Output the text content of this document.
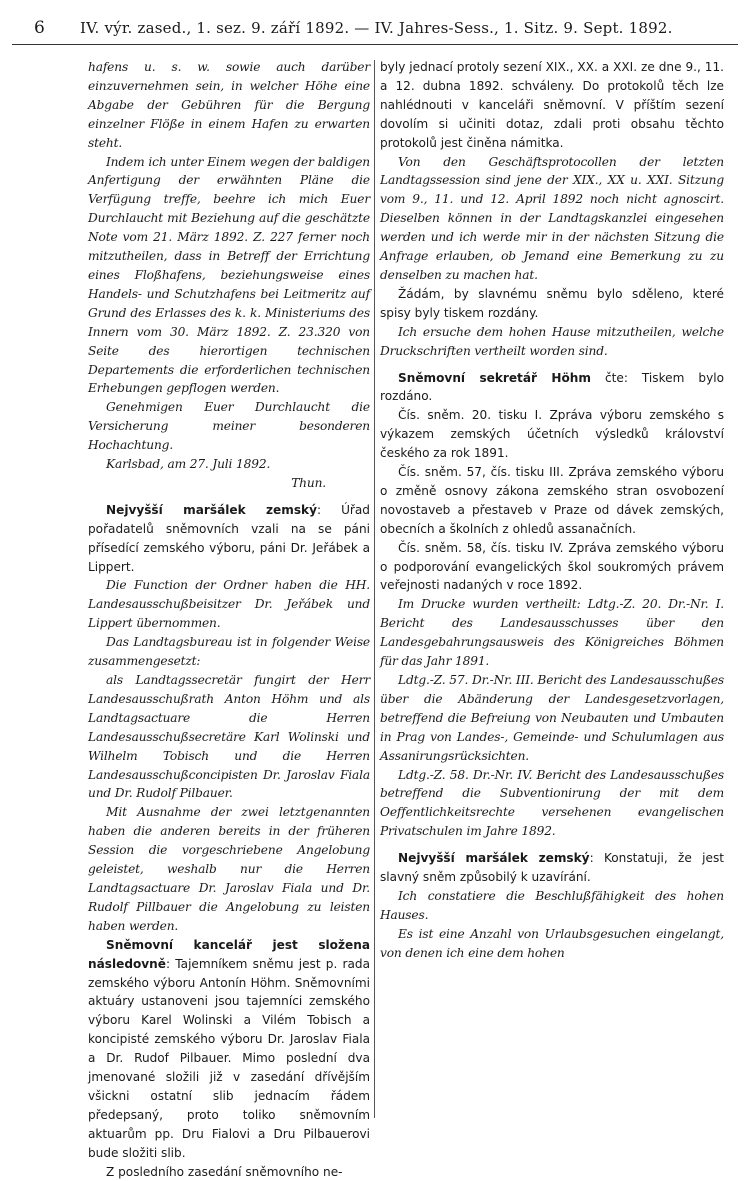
6 IV. výr. zased., 1. sez. 9. září 1892. — IV. Jahres-Sess., 1. Sitz. 9. Sept. 1892.

hafens u. s. w. sowie auch darüber einzuvernehmen sein, in welcher Höhe eine Abgabe der Gebühren für die Bergung einzelner Flöße in einem Hafen zu erwarten steht.

Indem ich unter Einem wegen der baldigen Anfertigung der erwähnten Pläne die Verfügung treffe, beehre ich mich Euer Durchlaucht mit Beziehung auf die geschätzte Note vom 21. März 1892. Z. 227 ferner noch mitzutheilen, dass in Betreff der Errichtung eines Floßhafens, beziehungsweise eines Handels- und Schutzhafens bei Leitmeritz auf Grund des Erlasses des k. k. Ministeriums des Innern vom 30. März 1892. Z. 23.320 von Seite des hierortigen technischen Departements die erforderlichen technischen Erhebungen gepflogen werden.

Genehmigen Euer Durchlaucht die Versicherung meiner besonderen Hochachtung.

Karlsbad, am 27. Juli 1892.

Thun.

Nejvyšší maršálek zemský: Úřad pořadatelů sněmovních vzali na se páni přísedící zemského výboru, páni Dr. Jeřábek a Lippert.

Die Function der Ordner haben die HH. Landesausschußbeisitzer Dr. Jeřábek und Lippert übernommen.

Das Landtagsbureau ist in folgender Weise zusammengesetzt:

als Landtagssecretär fungirt der Herr Landesausschußrath Anton Höhm und als Landtagsactuare die Herren Landesausschußsecretäre Karl Wolinski und Wilhelm Tobisch und die Herren Landesausschußconcipisten Dr. Jaroslav Fiala und Dr. Rudolf Pilbauer.

Mit Ausnahme der zwei letztgenannten haben die anderen bereits in der früheren Session die vorgeschriebene Angelobung geleistet, weshalb nur die Herren Landtagsactuare Dr. Jaroslav Fiala und Dr. Rudolf Pillbauer die Angelobung zu leisten haben werden.

Sněmovní kancelář jest složena následovně: Tajemníkem sněmu jest p. rada zemského výboru Antonín Höhm. Sněmovními aktuáry ustanoveni jsou tajemníci zemského výboru Karel Wolinski a Vilém Tobisch a koncipisté zemského výboru Dr. Jaroslav Fiala a Dr. Rudof Pilbauer. Mimo poslední dva jmenované složili již v zasedání dřívějším všickni ostatní slib jednacím řádem předepsaný, proto toliko sněmovním aktuarům pp. Dru Fialovi a Dru Pilbauerovi bude složiti slib.

Z posledního zasedání sněmovního ne-

byly jednací protoly sezení XIX., XX. a XXI. ze dne 9., 11. a 12. dubna 1892. schváleny. Do protokolů těch lze nahlédnouti v kanceláři sněmovní. V příštím sezení dovolím si učiniti dotaz, zdali proti obsahu těchto protokolů jest činěna námitka.

Von den Geschäftsprotocollen der letzten Landtagssession sind jene der XIX., XX u. XXI. Sitzung vom 9., 11. und 12. April 1892 noch nicht agnoscirt. Dieselben können in der Landtagskanzlei eingesehen werden und ich werde mir in der nächsten Sitzung die Anfrage erlauben, ob Jemand eine Bemerkung zu zu denselben zu machen hat.

Žádám, by slavnému sněmu bylo sděleno, které spisy byly tiskem rozdány.

Ich ersuche dem hohen Hause mitzutheilen, welche Druckschriften vertheilt worden sind.

Sněmovní sekretář Höhm čte: Tiskem bylo rozdáno.

Čís. sněm. 20. tisku I. Zpráva výboru zemského s výkazem zemských účetních výsledků království českého za rok 1891.

Čís. sněm. 57, čís. tisku III. Zpráva zemského výboru o změně osnovy zákona zemského stran osvobození novostaveb a přestaveb v Praze od dávek zemských, obecních a školních z ohledů assanačních.

Čís. sněm. 58, čís. tisku IV. Zpráva zemského výboru o podporování evangelických škol soukromých právem veřejnosti nadaných v roce 1892.

Im Drucke wurden vertheilt: Ldtg.-Z. 20. Dr.-Nr. I. Bericht des Landesausschusses über den Landesgebahrungsausweis des Königreiches Böhmen für das Jahr 1891.

Ldtg.-Z. 57. Dr.-Nr. III. Bericht des Landesausschußes über die Abänderung der Landesgesetzvorlagen, betreffend die Befreiung von Neubauten und Umbauten in Prag von Landes-, Gemeinde- und Schulumlagen aus Assanirungsrücksichten.

Ldtg.-Z. 58. Dr.-Nr. IV. Bericht des Landesausschußes betreffend die Subventionirung der mit dem Oeffentlichkeitsrechte versehenen evangelischen Privatschulen im Jahre 1892.

Nejvyšší maršálek zemský: Konstatuji, že jest slavný sněm způsobilý k uzavírání.

Ich constatiere die Beschlußfähigkeit des hohen Hauses.

Es ist eine Anzahl von Urlaubsgesuchen eingelangt, von denen ich eine dem hohen
